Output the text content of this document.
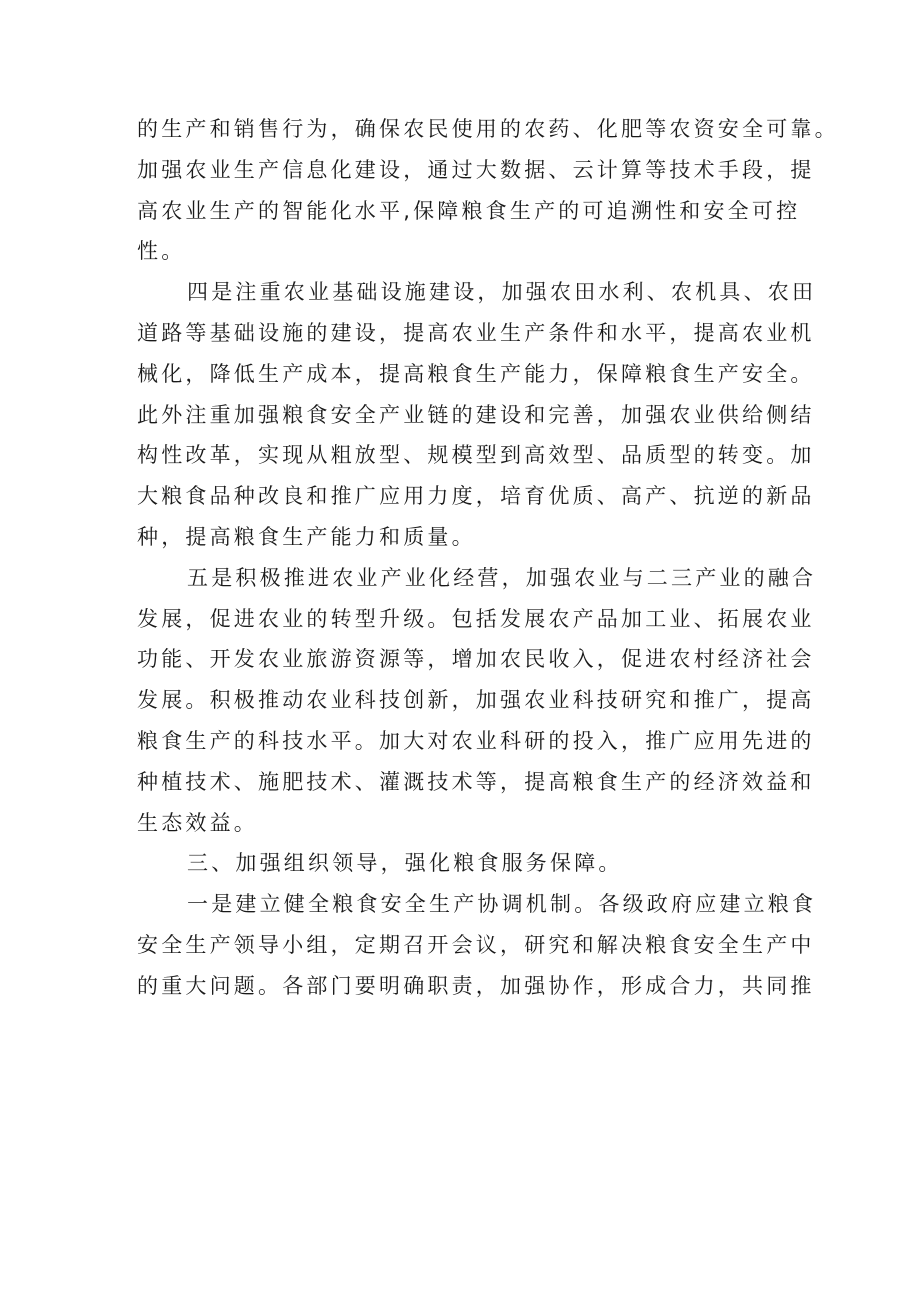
的生产和销售行为，确保农民使用的农药、化肥等农资安全可靠。
加强农业生产信息化建设，通过大数据、云计算等技术手段，提
高农业生产的智能化水平,保障粮食生产的可追溯性和安全可控
性。
四是注重农业基础设施建设，加强农田水利、农机具、农田
道路等基础设施的建设，提高农业生产条件和水平，提高农业机
械化，降低生产成本，提高粮食生产能力，保障粮食生产安全。
此外注重加强粮食安全产业链的建设和完善，加强农业供给侧结
构性改革，实现从粗放型、规模型到高效型、品质型的转变。加
大粮食品种改良和推广应用力度，培育优质、高产、抗逆的新品
种，提高粮食生产能力和质量。
五是积极推进农业产业化经营，加强农业与二三产业的融合
发展，促进农业的转型升级。包括发展农产品加工业、拓展农业
功能、开发农业旅游资源等，增加农民收入，促进农村经济社会
发展。积极推动农业科技创新，加强农业科技研究和推广，提高
粮食生产的科技水平。加大对农业科研的投入，推广应用先进的
种植技术、施肥技术、灌溉技术等，提高粮食生产的经济效益和
生态效益。
三、加强组织领导，强化粮食服务保障。
一是建立健全粮食安全生产协调机制。各级政府应建立粮食
安全生产领导小组，定期召开会议，研究和解决粮食安全生产中
的重大问题。各部门要明确职责，加强协作，形成合力，共同推
